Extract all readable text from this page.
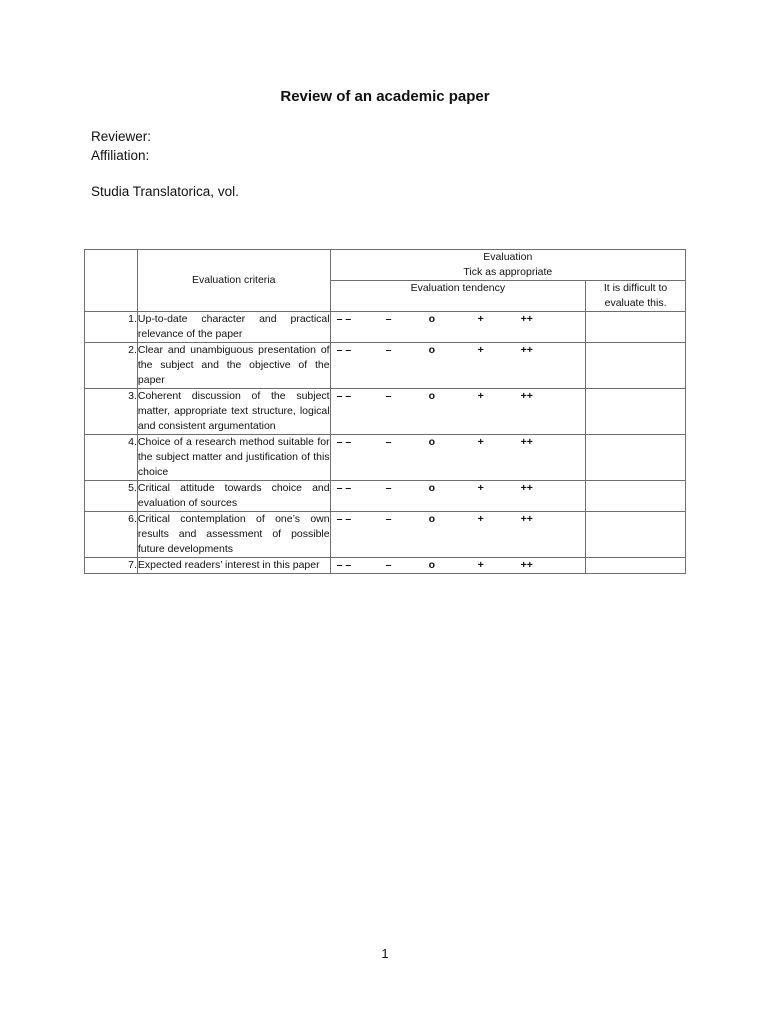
Review of an academic paper
Reviewer:
Affiliation:
Studia Translatorica, vol.
	Evaluation criteria	Evaluation
Tick as appropriate	

		Evaluation tendency	It is difficult to evaluate this.

1.	Up-to-date character and practical relevance of the paper	– – – o + ++	

2.	Clear and unambiguous presentation of the subject and the objective of the paper	– – – o + ++	

3.	Coherent discussion of the subject matter, appropriate text structure, logical and consistent argumentation	– – – o + ++	

4.	Choice of a research method suitable for the subject matter and justification of this choice	– – – o + ++	

5.	Critical attitude towards choice and evaluation of sources	– – – o + ++	

6.	Critical contemplation of one’s own results and assessment of possible future developments	– – – o + ++	

7.	Expected readers’ interest in this paper	– – – o + ++	

1
